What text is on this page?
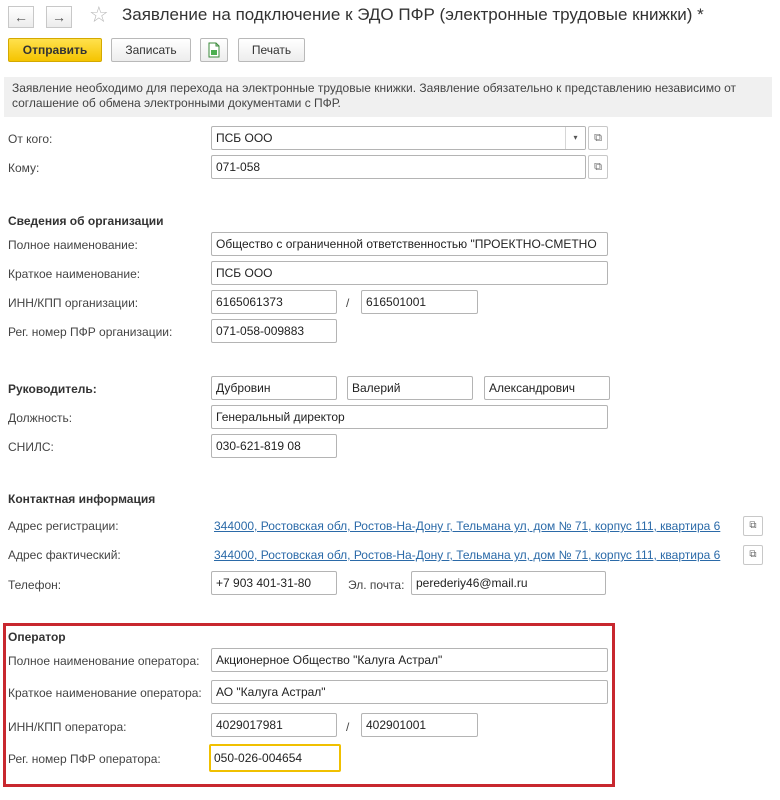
←	→ ☆ Заявление на подключение к ЭДО ПФР (электронные трудовые книжки) *
Отправить	Записать	Печать
Заявление необходимо для перехода на электронные трудовые книжки. Заявление обязательно к представлению независимо от
соглашение об обмена электронными документами с ПФР.
От кого:	ПСБ ООО	▾	⧉
Кому:	071-058	⧉
Сведения об организации
Полное наименование:	Общество с ограниченной ответственностью "ПРОЕКТНО-СМЕТНО
Краткое наименование:	ПСБ ООО
ИНН/КПП организации:	6165061373	/	616501001
Рег. номер ПФР организации:	071-058-009883
Руководитель:	Дубровин	Валерий	Александрович
Должность:	Генеральный директор
СНИЛС:	030-621-819 08
Контактная информация
Адрес регистрации:	344000, Ростовская обл, Ростов-На-Дону г, Тельмана ул, дом № 71, корпус 111, квартира 6	⧉
Адрес фактический:	344000, Ростовская обл, Ростов-На-Дону г, Тельмана ул, дом № 71, корпус 111, квартира 6	⧉
Телефон:	+7 903 401-31-80	Эл. почта: perederiy46@mail.ru
Оператор
Полное наименование оператора:	Акционерное Общество "Калуга Астрал"
Краткое наименование оператора:	АО "Калуга Астрал"
ИНН/КПП оператора:	4029017981	/	402901001
Рег. номер ПФР оператора:	050-026-004654
